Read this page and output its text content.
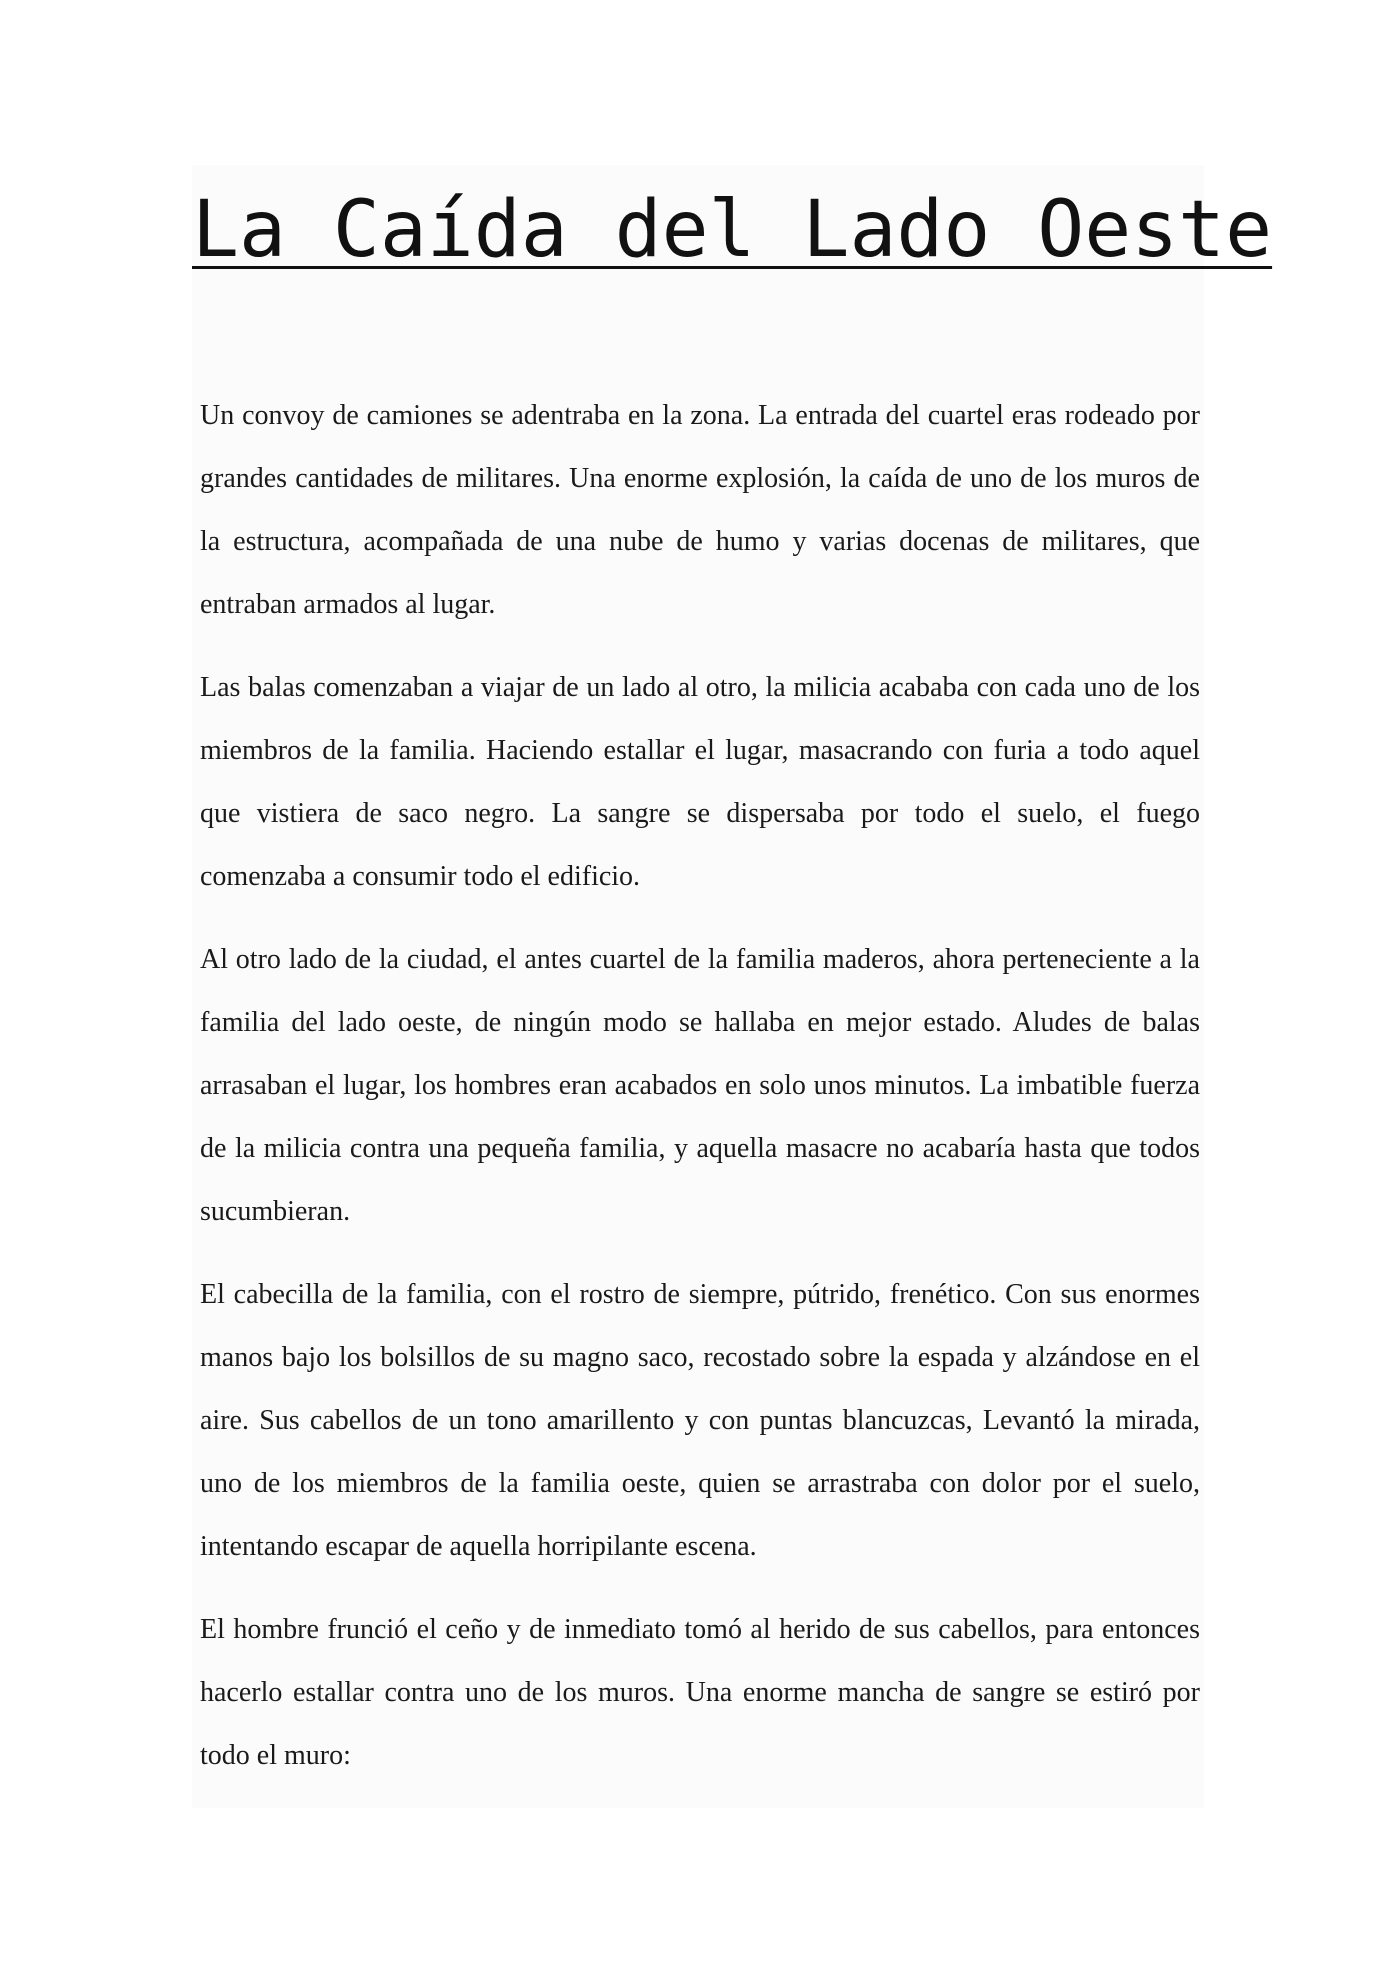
La Caída del Lado Oeste

Un convoy de camiones se adentraba en la zona. La entrada del cuartel eras rodeado por grandes cantidades de militares. Una enorme explosión, la caída de uno de los muros de la estructura, acompañada de una nube de humo y varias docenas de militares, que entraban armados al lugar.

Las balas comenzaban a viajar de un lado al otro, la milicia acababa con cada uno de los miembros de la familia. Haciendo estallar el lugar, masacrando con furia a todo aquel que vistiera de saco negro. La sangre se dispersaba por todo el suelo, el fuego comenzaba a consumir todo el edificio.

Al otro lado de la ciudad, el antes cuartel de la familia maderos, ahora perteneciente a la familia del lado oeste, de ningún modo se hallaba en mejor estado. Aludes de balas arrasaban el lugar, los hombres eran acabados en solo unos minutos. La imbatible fuerza de la milicia contra una pequeña familia, y aquella masacre no acabaría hasta que todos sucumbieran.

El cabecilla de la familia, con el rostro de siempre, pútrido, frenético. Con sus enormes manos bajo los bolsillos de su magno saco, recostado sobre la espada y alzándose en el aire. Sus cabellos de un tono amarillento y con puntas blancuzcas, Levantó la mirada, uno de los miembros de la familia oeste, quien se arrastraba con dolor por el suelo, intentando escapar de aquella horripilante escena.

El hombre frunció el ceño y de inmediato tomó al herido de sus cabellos, para entonces hacerlo estallar contra uno de los muros. Una enorme mancha de sangre se estiró por todo el muro:
